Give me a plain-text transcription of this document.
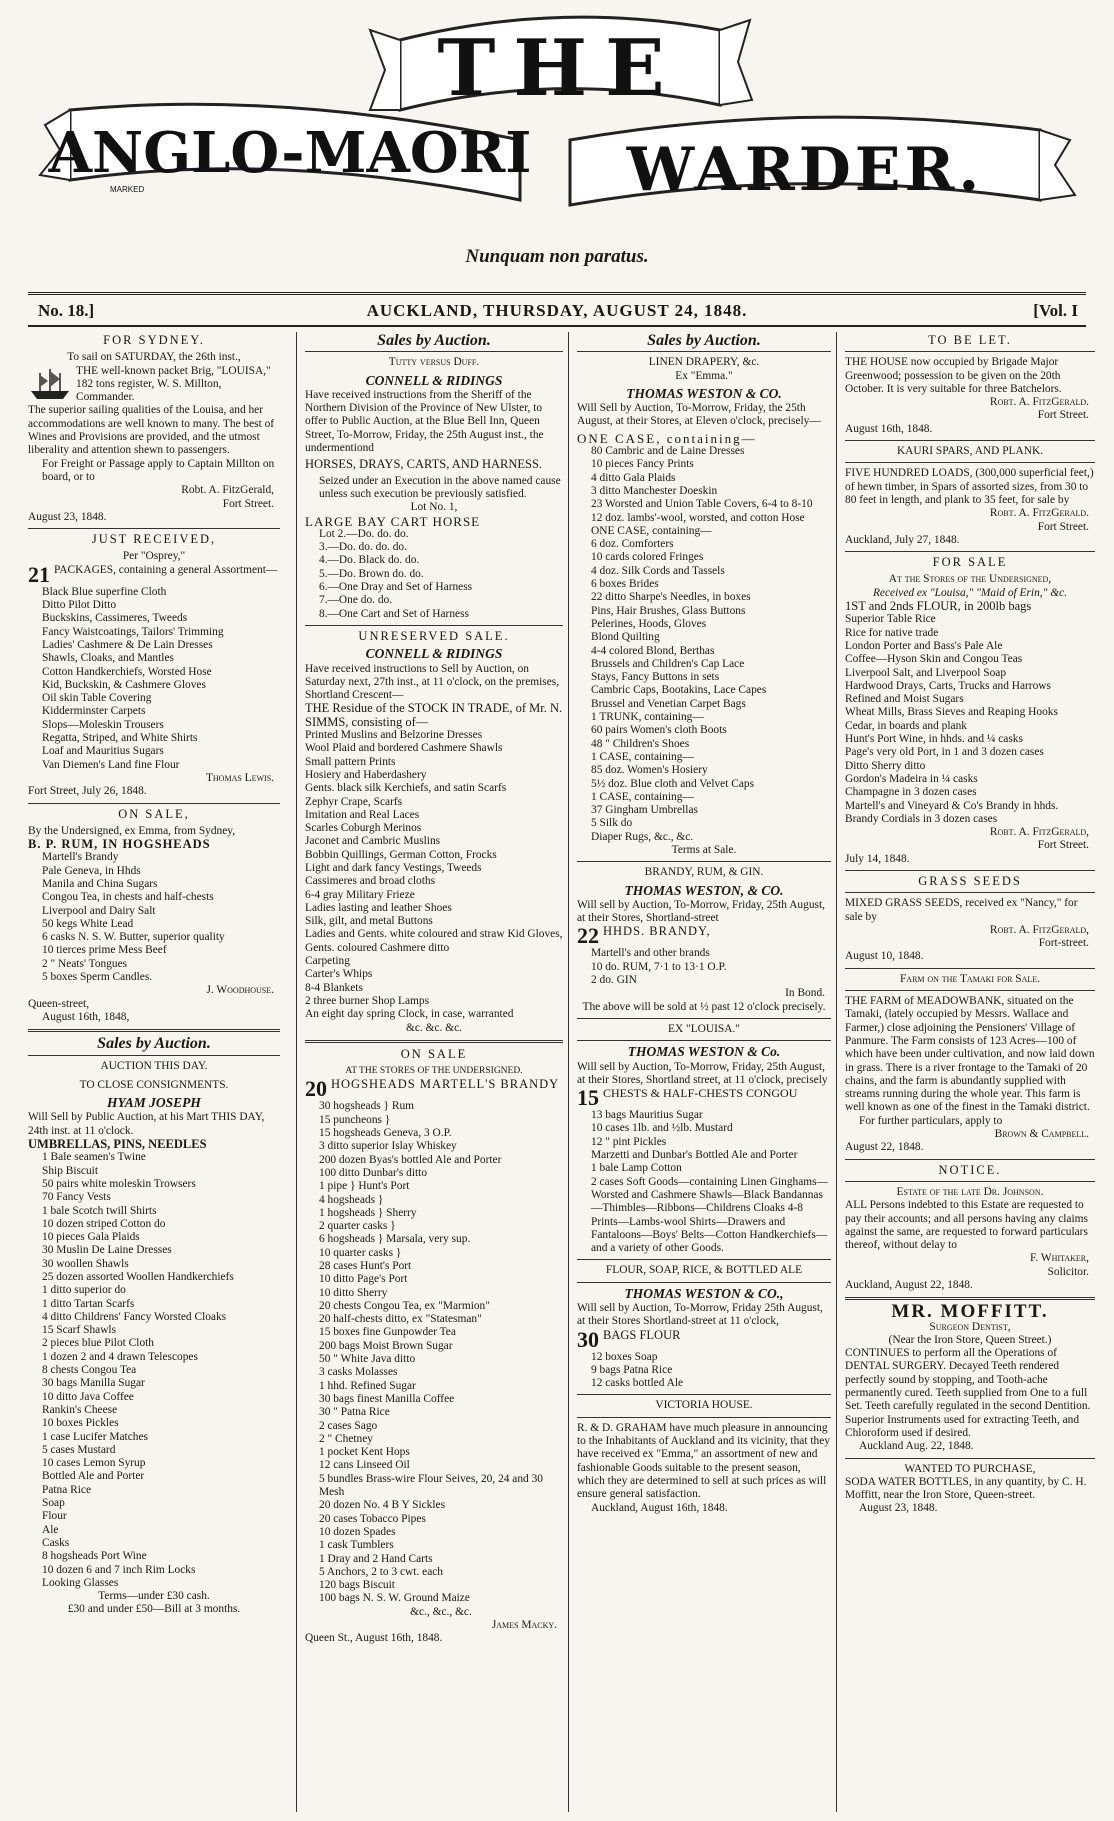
THE
ANGLO-MAORI
MARKED	WARDER.
Nunquam non paratus.
No. 18.]	AUCKLAND, THURSDAY, AUGUST 24, 1848.	[Vol. I
FOR SYDNEY.

To sail on SATURDAY, the 26th inst.,

THE well-known packet Brig, "LOUISA,"

182 tons register, W. S. Millton, Commander.

The superior sailing qualities of the Louisa, and her accommodations are well known to many. The best of Wines and Provisions are provided, and the utmost liberality and attention shewn to passengers.

For Freight or Passage apply to Captain Millton on board, or to

Robt. A. FitzGerald,

Fort Street.

August 23, 1848.

JUST RECEIVED,

Per "Osprey,"

21 PACKAGES, containing a general Assortment—

Black Blue superfine Cloth

Ditto Pilot Ditto

Buckskins, Cassimeres, Tweeds

Fancy Waistcoatings, Tailors' Trimming

Ladies' Cashmere & De Lain Dresses

Shawls, Cloaks, and Mantles

Cotton Handkerchiefs, Worsted Hose

Kid, Buckskin, & Cashmere Gloves

Oil skin Table Covering

Kidderminster Carpets

Slops—Moleskin Trousers

Regatta, Striped, and White Shirts

Loaf and Mauritius Sugars

Van Diemen's Land fine Flour

Thomas Lewis.

Fort Street, July 26, 1848.

ON SALE,

By the Undersigned, ex Emma, from Sydney,

B. P. RUM, IN HOGSHEADS

Martell's Brandy

Pale Geneva, in Hhds

Manila and China Sugars

Congou Tea, in chests and half-chests

Liverpool and Dairy Salt

50 kegs White Lead

6 casks N. S. W. Butter, superior quality

10 tierces prime Mess Beef

2 " Neats' Tongues

5 boxes Sperm Candles.

J. Woodhouse.

Queen-street,

August 16th, 1848,

Sales by Auction.

AUCTION THIS DAY.

TO CLOSE CONSIGNMENTS.

HYAM JOSEPH

Will Sell by Public Auction, at his Mart THIS DAY, 24th inst. at 11 o'clock.

UMBRELLAS, PINS, NEEDLES

1 Bale seamen's Twine

Ship Biscuit

50 pairs white moleskin Trowsers

70 Fancy Vests

1 bale Scotch twill Shirts

10 dozen striped Cotton do

10 pieces Gala Plaids

30 Muslin De Laine Dresses

30 woollen Shawls

25 dozen assorted Woollen Handkerchiefs

1 ditto superior do

1 ditto Tartan Scarfs

4 ditto Childrens' Fancy Worsted Cloaks

15 Scarf Shawls

2 pieces blue Pilot Cloth

1 dozen 2 and 4 drawn Telescopes

8 chests Congou Tea

30 bags Manilla Sugar

10 ditto Java Coffee

Rankin's Cheese

10 boxes Pickles

1 case Lucifer Matches

5 cases Mustard

10 cases Lemon Syrup

Bottled Ale and Porter

Patna Rice

Soap

Flour

Ale

Casks

8 hogsheads Port Wine

10 dozen 6 and 7 inch Rim Locks

Looking Glasses

Terms—under £30 cash.

£30 and under £50—Bill at 3 months.

Sales by Auction.

Tutty versus Duff.

CONNELL & RIDINGS

Have received instructions from the Sheriff of the Northern Division of the Province of New Ulster, to offer to Public Auction, at the Blue Bell Inn, Queen Street, To-Morrow, Friday, the 25th August inst., the undermentiond

HORSES, DRAYS, CARTS, AND HARNESS.

Seized under an Execution in the above named cause unless such execution be previously satisfied.

Lot No. 1,

LARGE BAY CART HORSE

Lot 2.—Do. do. do.

3.—Do. do. do. do.

4.—Do. Black do. do.

5.—Do. Brown do. do.

6.—One Dray and Set of Harness

7.—One do. do.

8.—One Cart and Set of Harness

UNRESERVED SALE.

CONNELL & RIDINGS

Have received instructions to Sell by Auction, on Saturday next, 27th inst., at 11 o'clock, on the premises, Shortland Crescent—

THE Residue of the STOCK IN TRADE, of Mr. N. SIMMS, consisting of—

Printed Muslins and Belzorine Dresses

Wool Plaid and bordered Cashmere Shawls

Small pattern Prints

Hosiery and Haberdashery

Gents. black silk Kerchiefs, and satin Scarfs

Zephyr Crape, Scarfs

Imitation and Real Laces

Scarles Coburgh Merinos

Jaconet and Cambric Muslins

Bobbin Quillings, German Cotton, Frocks

Light and dark fancy Vestings, Tweeds

Cassimeres and broad cloths

6-4 gray Military Frieze

Ladies lasting and leather Shoes

Silk, gilt, and metal Buttons

Ladies and Gents. white coloured and straw Kid Gloves, Gents. coloured Cashmere ditto

Carpeting

Carter's Whips

8-4 Blankets

2 three burner Shop Lamps

An eight day spring Clock, in case, warranted

&c. &c. &c.

ON SALE

AT THE STORES OF THE UNDERSIGNED.

20 HOGSHEADS MARTELL'S BRANDY

30 hogsheads } Rum

15 puncheons }

15 hogsheads Geneva, 3 O.P.

3 ditto superior Islay Whiskey

200 dozen Byas's bottled Ale and Porter

100 ditto Dunbar's ditto

1 pipe } Hunt's Port

4 hogsheads }

1 hogsheads } Sherry

2 quarter casks }

6 hogsheads } Marsala, very sup.

10 quarter casks }

28 cases Hunt's Port

10 ditto Page's Port

10 ditto Sherry

20 chests Congou Tea, ex "Marmion"

20 half-chests ditto, ex "Statesman"

15 boxes fine Gunpowder Tea

200 bags Moist Brown Sugar

50 " White Java ditto

3 casks Molasses

1 hhd. Refined Sugar

30 bags finest Manilla Coffee

30 " Patna Rice

2 cases Sago

2 " Chetney

1 pocket Kent Hops

12 cans Linseed Oil

5 bundles Brass-wire Flour Seives, 20, 24 and 30 Mesh

20 dozen No. 4 B Y Sickles

20 cases Tobacco Pipes

10 dozen Spades

1 cask Tumblers

1 Dray and 2 Hand Carts

5 Anchors, 2 to 3 cwt. each

120 bags Biscuit

100 bags N. S. W. Ground Maize

&c., &c., &c.

James Macky.

Queen St., August 16th, 1848.

Sales by Auction.

LINEN DRAPERY, &c.

Ex "Emma."

THOMAS WESTON & CO.

Will Sell by Auction, To-Morrow, Friday, the 25th August, at their Stores, at Eleven o'clock, precisely—

ONE CASE, containing—

80 Cambric and de Laine Dresses

10 pieces Fancy Prints

4 ditto Gala Plaids

3 ditto Manchester Doeskin

23 Worsted and Union Table Covers, 6-4 to 8-10

12 doz. lambs'-wool, worsted, and cotton Hose

ONE CASE, containing—

6 doz. Comforters

10 cards colored Fringes

4 doz. Silk Cords and Tassels

6 boxes Brides

22 ditto Sharpe's Needles, in boxes

Pins, Hair Brushes, Glass Buttons

Pelerines, Hoods, Gloves

Blond Quilting

4-4 colored Blond, Berthas

Brussels and Children's Cap Lace

Stays, Fancy Buttons in sets

Cambric Caps, Bootakins, Lace Capes

Brussel and Venetian Carpet Bags

1 TRUNK, containing—

60 pairs Women's cloth Boots

48 " Children's Shoes

1 CASE, containing—

85 doz. Women's Hosiery

5½ doz. Blue cloth and Velvet Caps

1 CASE, containing—

37 Gingham Umbrellas

5 Silk do

Diaper Rugs, &c., &c.

Terms at Sale.

BRANDY, RUM, & GIN.

THOMAS WESTON, & CO.

Will sell by Auction, To-Morrow, Friday, 25th August, at their Stores, Shortland-street

22 HHDS. BRANDY,

Martell's and other brands

10 do. RUM, 7·1 to 13·1 O.P.

2 do. GIN

In Bond.

The above will be sold at ½ past 12 o'clock precisely.

EX "LOUISA."

THOMAS WESTON & Co.

Will sell by Auction, To-Morrow, Friday, 25th August, at their Stores, Shortland street, at 11 o'clock, precisely

15 CHESTS & HALF-CHESTS CONGOU

13 bags Mauritius Sugar

10 cases 1lb. and ½lb. Mustard

12 " pint Pickles

Marzetti and Dunbar's Bottled Ale and Porter

1 bale Lamp Cotton

2 cases Soft Goods—containing Linen Ginghams—Worsted and Cashmere Shawls—Black Bandannas—Thimbles—Ribbons—Childrens Cloaks 4-8 Prints—Lambs-wool Shirts—Drawers and Fantaloons—Boys' Belts—Cotton Handkerchiefs—and a variety of other Goods.

FLOUR, SOAP, RICE, & BOTTLED ALE

THOMAS WESTON & CO.,

Will sell by Auction, To-Morrow, Friday 25th August, at their Stores Shortland-street at 11 o'clock,

30 BAGS FLOUR

12 boxes Soap

9 bags Patna Rice

12 casks bottled Ale

VICTORIA HOUSE.

R. & D. GRAHAM have much pleasure in announcing to the Inhabitants of Auckland and its vicinity, that they have received ex "Emma," an assortment of new and fashionable Goods suitable to the present season, which they are determined to sell at such prices as will ensure general satisfaction.

Auckland, August 16th, 1848.

TO BE LET.

THE HOUSE now occupied by Brigade Major Greenwood; possession to be given on the 20th October. It is very suitable for three Batchelors.

Robt. A. FitzGerald.

Fort Street.

August 16th, 1848.

KAURI SPARS, AND PLANK.

FIVE HUNDRED LOADS, (300,000 superficial feet,) of hewn timber, in Spars of assorted sizes, from 30 to 80 feet in length, and plank to 35 feet, for sale by

Robt. A. FitzGerald.

Fort Street.

Auckland, July 27, 1848.

FOR SALE

At the Stores of the Undersigned,

Received ex "Louisa," "Maid of Erin," &c.

1ST and 2nds FLOUR, in 200lb bags

Superior Table Rice

Rice for native trade

London Porter and Bass's Pale Ale

Coffee—Hyson Skin and Congou Teas

Liverpool Salt, and Liverpool Soap

Hardwood Drays, Carts, Trucks and Harrows

Refined and Moist Sugars

Wheat Mills, Brass Sieves and Reaping Hooks

Cedar, in boards and plank

Hunt's Port Wine, in hhds. and ¼ casks

Page's very old Port, in 1 and 3 dozen cases

Ditto Sherry ditto

Gordon's Madeira in ¼ casks

Champagne in 3 dozen cases

Martell's and Vineyard & Co's Brandy in hhds.

Brandy Cordials in 3 dozen cases

Robt. A. FitzGerald,

Fort Street.

July 14, 1848.

GRASS SEEDS

MIXED GRASS SEEDS, received ex "Nancy," for sale by

Robt. A. FitzGerald,

Fort-street.

August 10, 1848.

Farm on the Tamaki for Sale.

THE FARM of MEADOWBANK, situated on the Tamaki, (lately occupied by Messrs. Wallace and Farmer,) close adjoining the Pensioners' Village of Panmure. The Farm consists of 123 Acres—100 of which have been under cultivation, and now laid down in grass. There is a river frontage to the Tamaki of 20 chains, and the farm is abundantly supplied with streams running during the whole year. This farm is well known as one of the finest in the Tamaki district.

For further particulars, apply to

Brown & Campbell.

August 22, 1848.

NOTICE.

Estate of the late Dr. Johnson.

ALL Persons indebted to this Estate are requested to pay their accounts; and all persons having any claims against the same, are requested to forward particulars thereof, without delay to

F. Whitaker,

Solicitor.

Auckland, August 22, 1848.

MR. MOFFITT.

Surgeon Dentist,

(Near the Iron Store, Queen Street.)

CONTINUES to perform all the Operations of DENTAL SURGERY. Decayed Teeth rendered perfectly sound by stopping, and Tooth-ache permanently cured. Teeth supplied from One to a full Set. Teeth carefully regulated in the second Dentition. Superior Instruments used for extracting Teeth, and Chloroform used if desired.

Auckland Aug. 22, 1848.

WANTED TO PURCHASE,

SODA WATER BOTTLES, in any quantity, by C. H. Moffitt, near the Iron Store, Queen-street.

August 23, 1848.
